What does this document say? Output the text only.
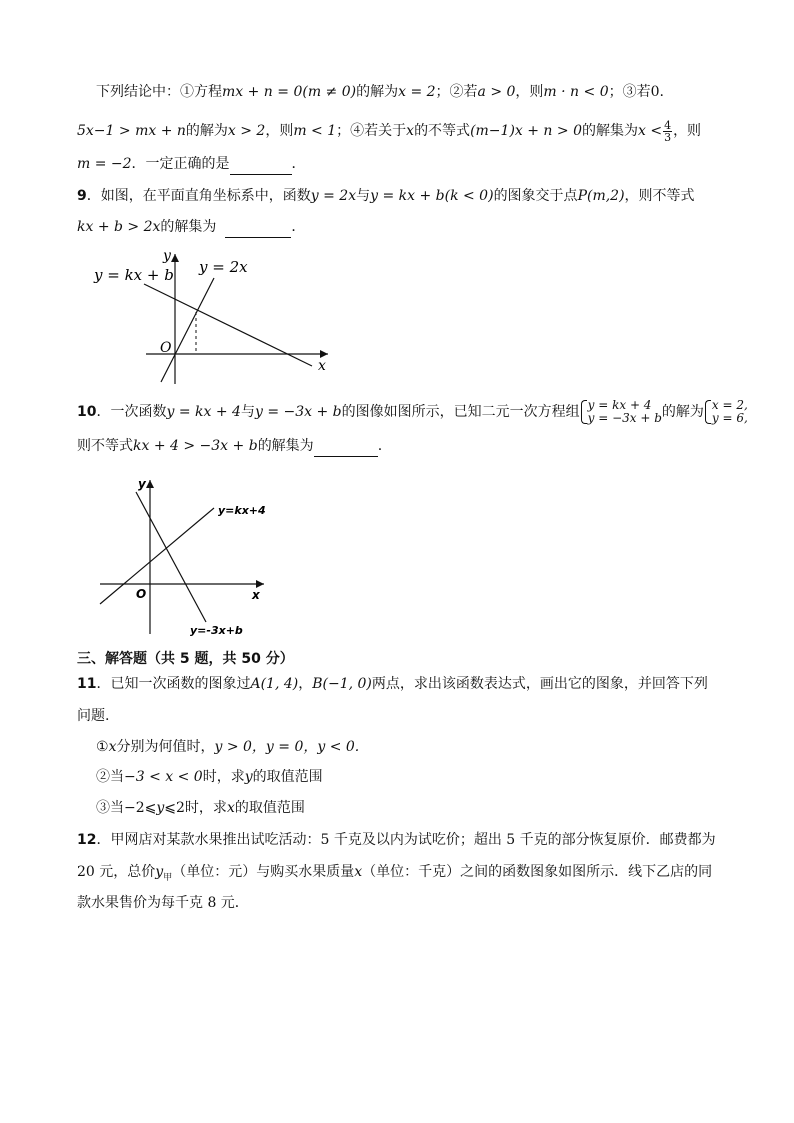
下列结论中：①方程mx + n = 0(m ≠ 0)的解为x = 2；②若a > 0，则m · n < 0；③若0.
5x−1 > mx + n的解为x > 2，则m < 1；④若关于x的不等式(m−1)x + n > 0的解集为$x < \frac{4}{3}$ ，则
m = −2．一定正确的是	．
9．如图，在平面直角坐标系中，函数y = 2x与y = kx + b(k < 0)的图象交于点P(m,2)，则不等式
kx + b > 2x的解集为	．
y = kx + b y = 2x
y
x
O
10．一次函数y = kx + 4与y = −3x + b的图像如图所示，已知二元一次方程组 y = kx + 4
y = −3x + b 的解为 x = 2,
y = 6,
则不等式kx + 4 > −3x + b的解集为	.
y
x
O
y=kx+4
y=-3x+b
三、解答题（共 5 题，共 50 分）
11．已知一次函数的图象过A(1, 4)，B(−1, 0)两点，求出该函数表达式，画出它的图象，并回答下列
问题.
①x分别为何值时，y > 0，y = 0，y < 0.
②当−3 < x < 0时，求y的取值范围
③当−2⩽y⩽2时，求x的取值范围
12．甲网店对某款水果推出试吃活动：5 千克及以内为试吃价；超出 5 千克的部分恢复原价．邮费都为
20 元，总价$y_甲$（单位：元）与购买水果质量x（单位：千克）之间的函数图象如图所示．线下乙店的同
款水果售价为每千克 8 元．
